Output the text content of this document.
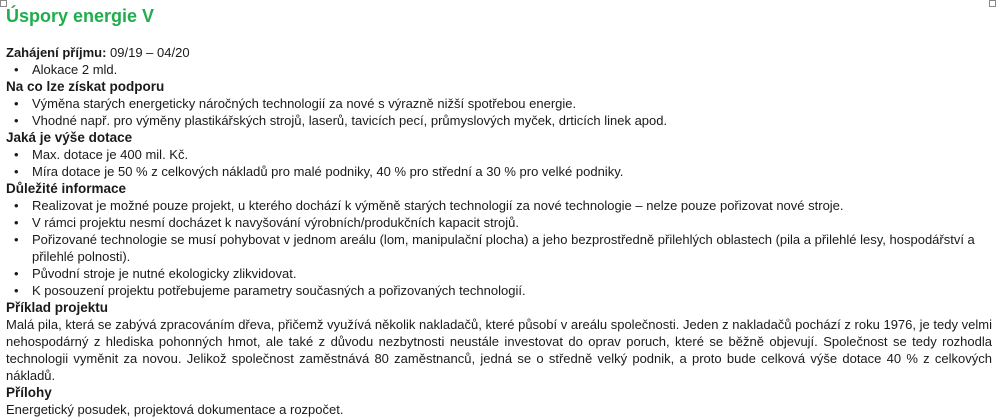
Úspory energie V
Zahájení příjmu: 09/19 – 04/20
• Alokace 2 mld.
Na co lze získat podporu
• Výměna starých energeticky náročných technologií za nové s výrazně nižší spotřebou energie.
• Vhodné např. pro výměny plastikářských strojů, laserů, tavicích pecí, průmyslových myček, drticích linek apod.
Jaká je výše dotace
• Max. dotace je 400 mil. Kč.
• Míra dotace je 50 % z celkových nákladů pro malé podniky, 40 % pro střední a 30 % pro velké podniky.
Důležité informace
• Realizovat je možné pouze projekt, u kterého dochází k výměně starých technologií za nové technologie – nelze pouze pořizovat nové stroje.
• V rámci projektu nesmí docházet k navyšování výrobních/produkčních kapacit strojů.
• Pořizované technologie se musí pohybovat v jednom areálu (lom, manipulační plocha) a jeho bezprostředně přilehlých oblastech (pila a přilehlé lesy, hospodářství a přilehlé polnosti).
• Původní stroje je nutné ekologicky zlikvidovat.
• K posouzení projektu potřebujeme parametry současných a pořizovaných technologií.
Příklad projektu
Malá pila, která se zabývá zpracováním dřeva, přičemž využívá několik nakladačů, které působí v areálu společnosti. Jeden z nakladačů pochází z roku 1976, je tedy velmi nehospodárný z hlediska pohonných hmot, ale také z důvodu nezbytnosti neustále investovat do oprav poruch, které se běžně objevují. Společnost se tedy rozhodla technologii vyměnit za novou. Jelikož společnost zaměstnává 80 zaměstnanců, jedná se o středně velký podnik, a proto bude celková výše dotace 40 % z celkových nákladů.
Přílohy
Energetický posudek, projektová dokumentace a rozpočet.
